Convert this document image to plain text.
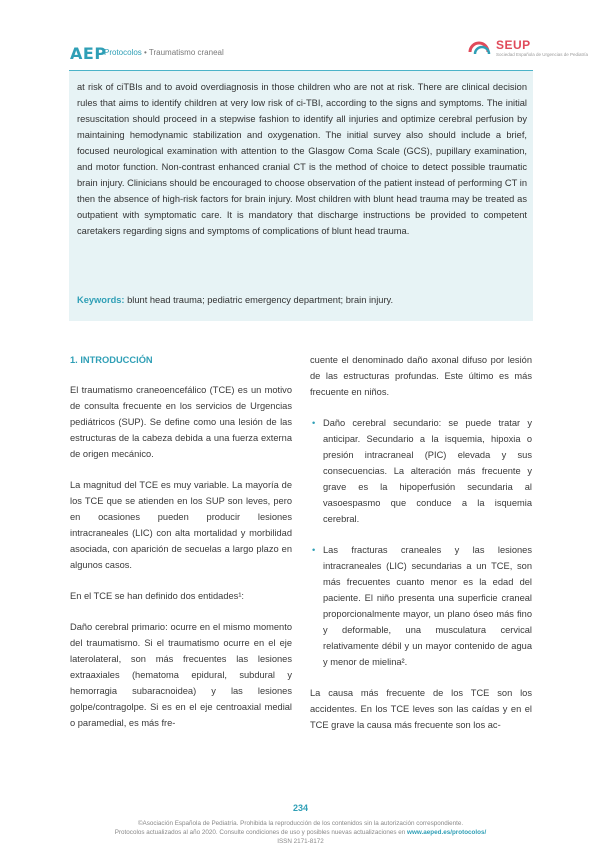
AEP
Protocolos • Traumatismo craneal
SEUP
Sociedad Española de Urgencias de Pediatría

at risk of ciTBIs and to avoid overdiagnosis in those children who are not at risk. There are clinical decision rules that aims to identify children at very low risk of ci-TBI, according to the signs and symptoms. The initial resuscitation should proceed in a stepwise fashion to identify all injuries and optimize cerebral perfusion by maintaining hemodynamic stabilization and oxygenation. The initial survey also should include a brief, focused neurological examination with attention to the Glasgow Coma Scale (GCS), pupillary examination, and motor function. Non-contrast enhanced cranial CT is the method of choice to detect possible traumatic brain injury. Clinicians should be encouraged to choose observation of the patient instead of performing CT in then the absence of high-risk factors for brain injury. Most children with blunt head trauma may be treated as outpatient with symptomatic care. It is mandatory that discharge instructions be provided to competent caretakers regarding signs and symptoms of complications of blunt head trauma.

Keywords: blunt head trauma; pediatric emergency department; brain injury.

1. INTRODUCCIÓN

El traumatismo craneoencefálico (TCE) es un motivo de consulta frecuente en los servicios de Urgencias pediátricos (SUP). Se define como una lesión de las estructuras de la cabeza debida a una fuerza externa de origen mecánico.

La magnitud del TCE es muy variable. La mayoría de los TCE que se atienden en los SUP son leves, pero en ocasiones pueden producir lesiones intracraneales (LIC) con alta mortalidad y morbilidad asociada, con aparición de secuelas a largo plazo en algunos casos.

En el TCE se han definido dos entidades¹:

Daño cerebral primario: ocurre en el mismo momento del traumatismo. Si el traumatismo ocurre en el eje laterolateral, son más frecuentes las lesiones extraaxiales (hematoma epidural, subdural y hemorragia subaracnoidea) y las lesiones golpe/contragolpe. Si es en el eje centroaxial medial o paramedial, es más fre-

cuente el denominado daño axonal difuso por lesión de las estructuras profundas. Este último es más frecuente en niños.

• Daño cerebral secundario: se puede tratar y anticipar. Secundario a la isquemia, hipoxia o presión intracraneal (PIC) elevada y sus consecuencias. La alteración más frecuente y grave es la hipoperfusión secundaria al vasoespasmo que conduce a la isquemia cerebral.

• Las fracturas craneales y las lesiones intracraneales (LIC) secundarias a un TCE, son más frecuentes cuanto menor es la edad del paciente. El niño presenta una superficie craneal proporcionalmente mayor, un plano óseo más fino y deformable, una musculatura cervical relativamente débil y un mayor contenido de agua y menor de mielina².

La causa más frecuente de los TCE son los accidentes. En los TCE leves son las caídas y en el TCE grave la causa más frecuente son los ac-

234
©Asociación Española de Pediatría. Prohibida la reproducción de los contenidos sin la autorización correspondiente.
Protocolos actualizados al año 2020. Consulte condiciones de uso y posibles nuevas actualizaciones en www.aeped.es/protocolos/
ISSN 2171-8172
